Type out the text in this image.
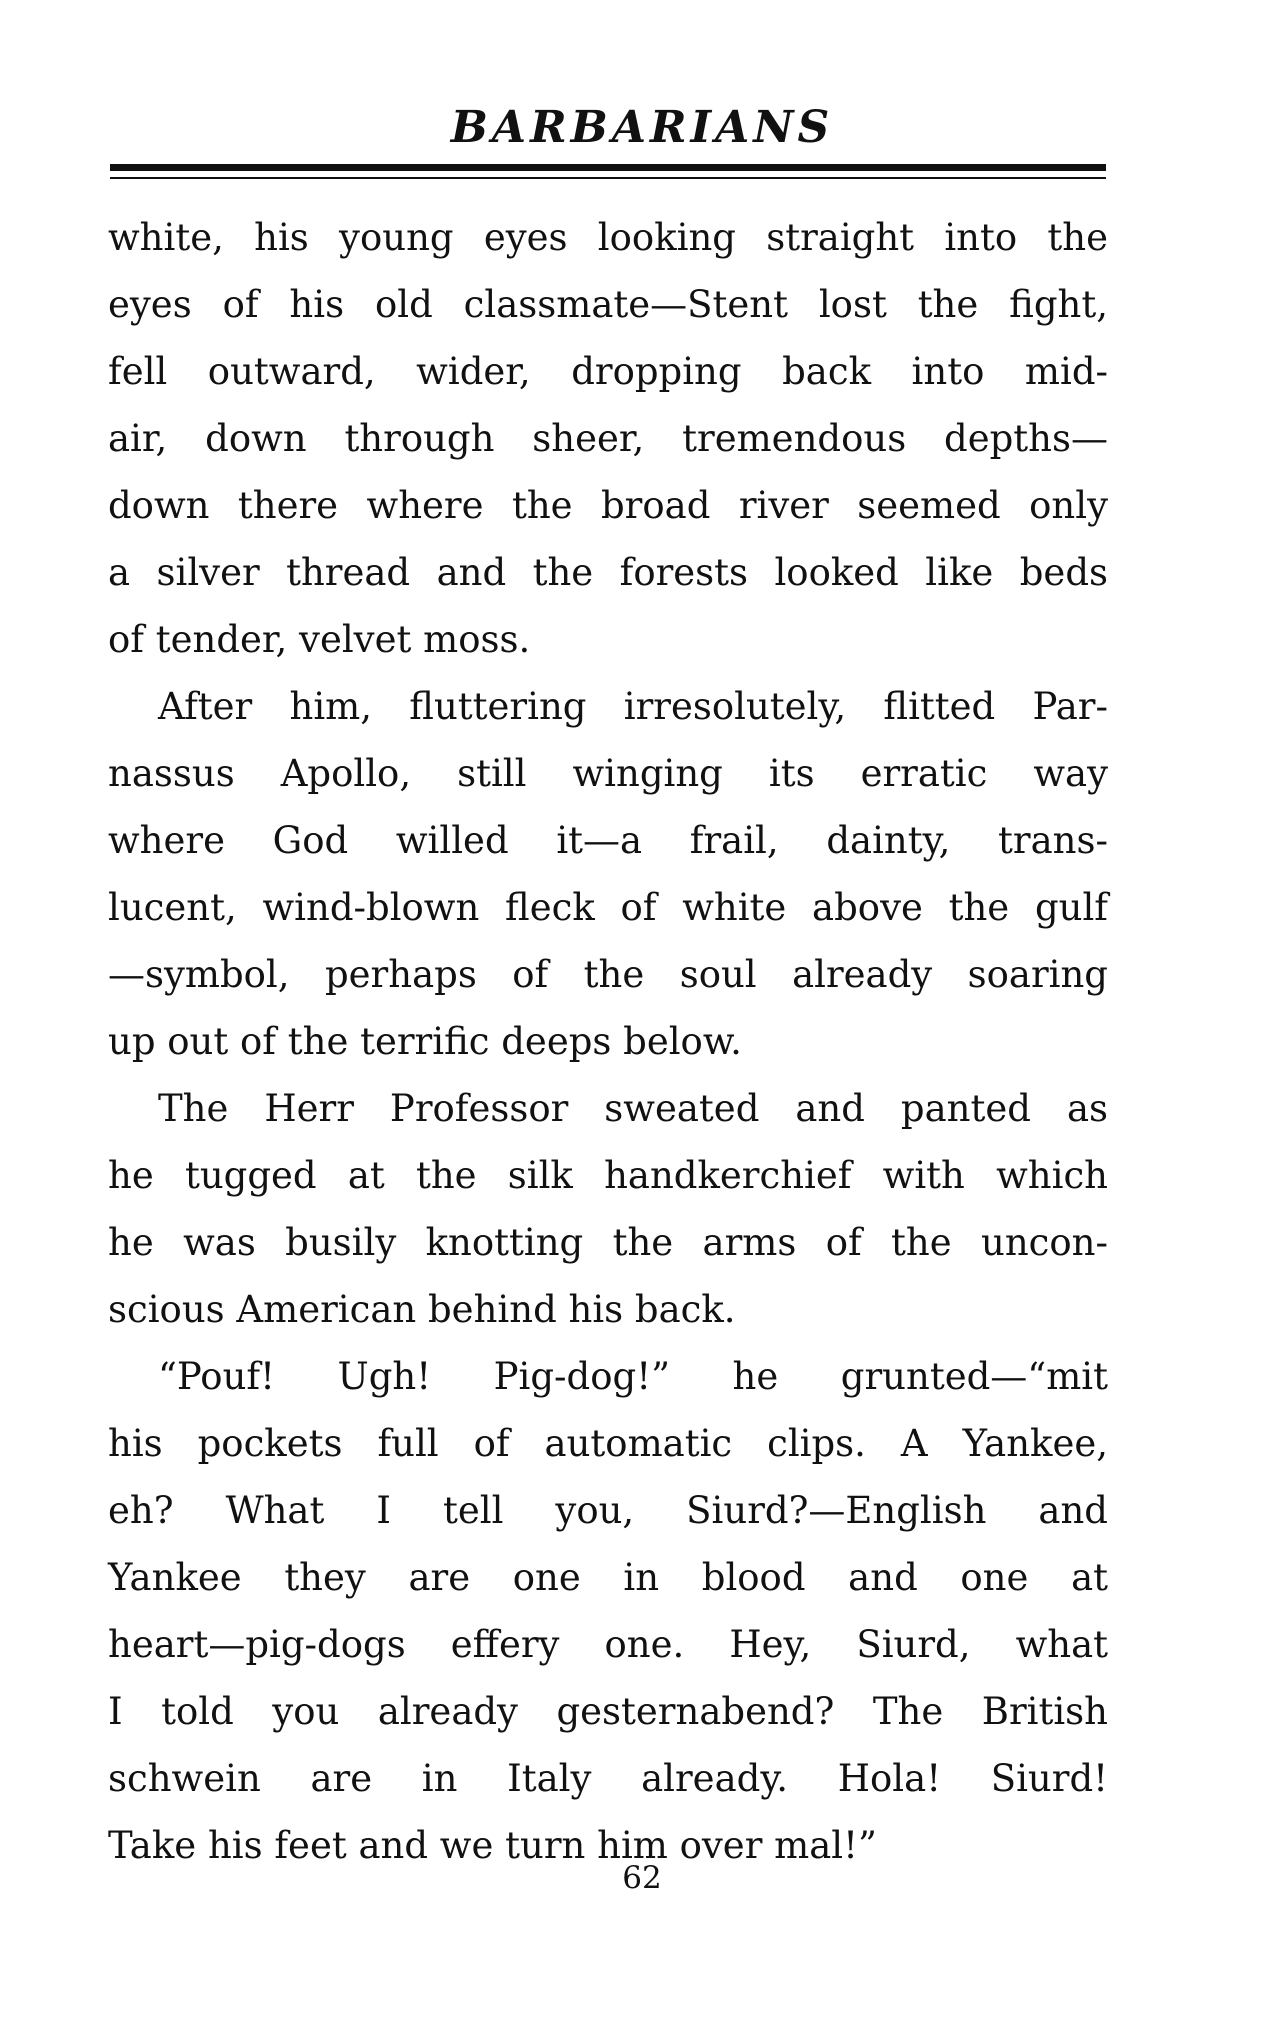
BARBARIANS
white, his young eyes looking straight into the
eyes of his old classmate—Stent lost the fight,
fell outward, wider, dropping back into mid-
air, down through sheer, tremendous depths—
down there where the broad river seemed only
a silver thread and the forests looked like beds
of tender, velvet moss.
After him, fluttering irresolutely, flitted Par-
nassus Apollo, still winging its erratic way
where God willed it—a frail, dainty, trans-
lucent, wind-blown fleck of white above the gulf
—symbol, perhaps of the soul already soaring
up out of the terrific deeps below.
The Herr Professor sweated and panted as
he tugged at the silk handkerchief with which
he was busily knotting the arms of the uncon-
scious American behind his back.
“Pouf! Ugh! Pig-dog!” he grunted—“mit
his pockets full of automatic clips. A Yankee,
eh? What I tell you, Siurd?—English and
Yankee they are one in blood and one at
heart—pig-dogs effery one. Hey, Siurd, what
I told you already gesternabend? The British
schwein are in Italy already. Hola! Siurd!
Take his feet and we turn him over mal!”
62
